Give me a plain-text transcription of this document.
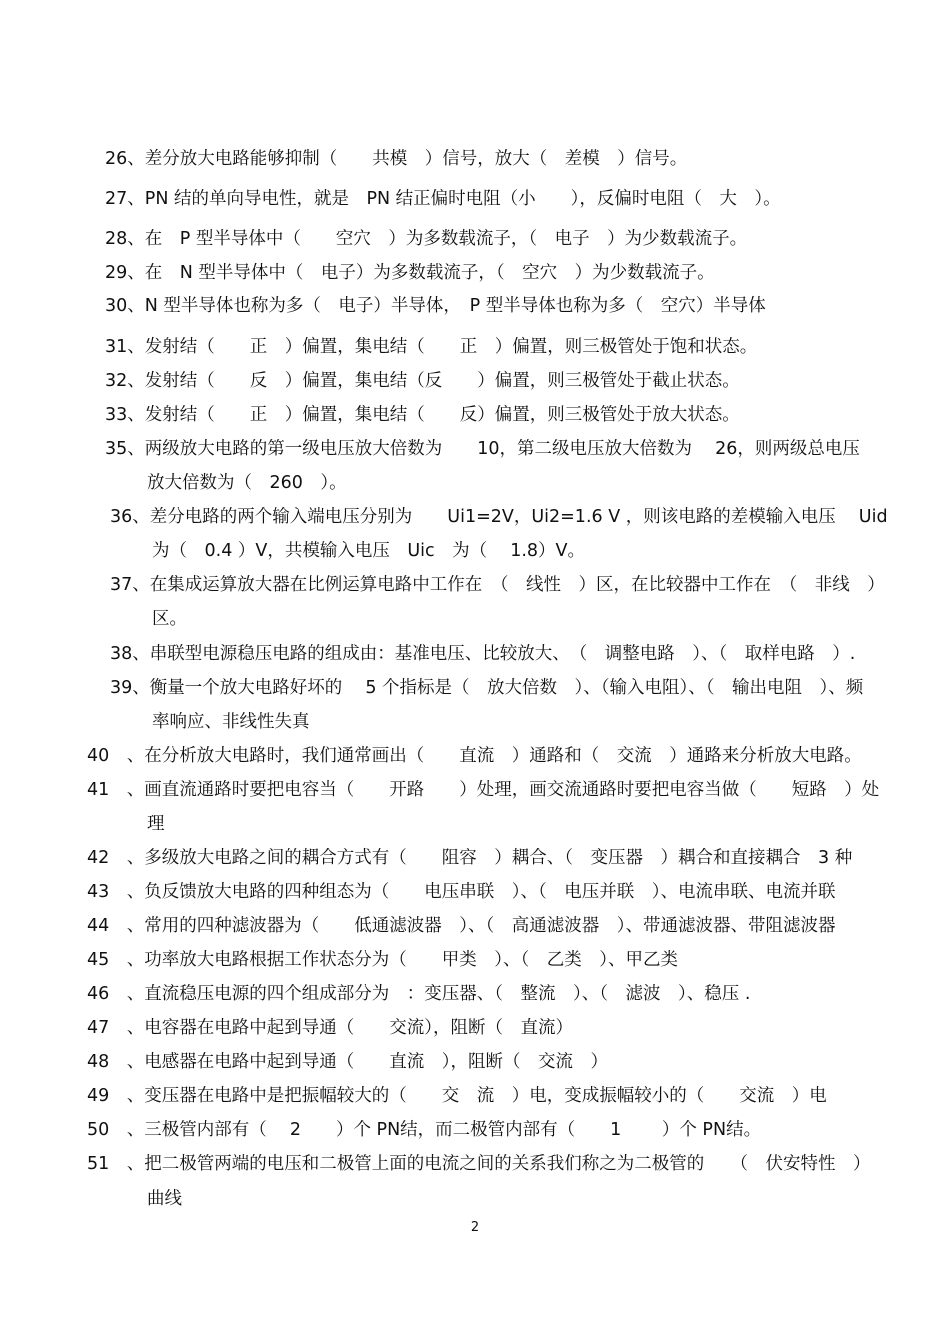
26、差分放大电路能够抑制（　　共模　）信号，放大（　差模　）信号。
27、PN 结的单向导电性，就是　PN 结正偏时电阻（小　　），反偏时电阻（　大　）。
28、在　P 型半导体中（　　空穴　）为多数载流子，（　电子　）为少数载流子。
29、在　N 型半导体中（　电子）为多数载流子，（　空穴　）为少数载流子。
30、N 型半导体也称为多（　电子）半导体，　P 型半导体也称为多（　空穴）半导体
31、发射结（　　正　）偏置，集电结（　　正　）偏置，则三极管处于饱和状态。
32、发射结（　　反　）偏置，集电结（反　　）偏置，则三极管处于截止状态。
33、发射结（　　正　）偏置，集电结（　　反）偏置，则三极管处于放大状态。
35、两级放大电路的第一级电压放大倍数为　　10，第二级电压放大倍数为　 26，则两级总电压
放大倍数为（　260　）。
36、差分电路的两个输入端电压分别为　　Ui1=2V，Ui2=1.6 V ，则该电路的差模输入电压　 Uid
为（　0.4 ）V，共模输入电压　Uic　为（　 1.8）V。
37、在集成运算放大器在比例运算电路中工作在　（　线性　）区，在比较器中工作在　（　非线　）
区。
38、串联型电源稳压电路的组成由：基准电压、比较放大、　（　调整电路　）、（　取样电路　）.
39、衡量一个放大电路好坏的　 5 个指标是（　放大倍数　）、（输入电阻）、（　输出电阻　）、频
率响应、非线性失真
40　、在分析放大电路时，我们通常画出（　　直流　）通路和（　交流　）通路来分析放大电路。
41　、画直流通路时要把电容当（　　开路　　）处理，画交流通路时要把电容当做（　　短路　）处
理
42　、多级放大电路之间的耦合方式有（　　阻容　）耦合、（　变压器　）耦合和直接耦合　3 种
43　、负反馈放大电路的四种组态为（　　电压串联　）、（　电压并联　）、电流串联、电流并联
44　、常用的四种滤波器为（　　低通滤波器　）、（　高通滤波器　）、带通滤波器、带阻滤波器
45　、功率放大电路根据工作状态分为（　　甲类　）、（　乙类　）、甲乙类
46　、直流稳压电源的四个组成部分为　：变压器、（　整流　）、（　滤波　）、稳压 .
47　、电容器在电路中起到导通（　　交流），阻断（　直流）
48　、电感器在电路中起到导通（　　直流　），阻断（　交流　）
49　、变压器在电路中是把振幅较大的（　　交　流　）电，变成振幅较小的（　　交流　）电
50　、三极管内部有（　 2　　）个 PN结，而二极管内部有（　　1　　 ）个 PN结。
51　、把二极管两端的电压和二极管上面的电流之间的关系我们称之为二极管的　　（　伏安特性　）
曲线
2
